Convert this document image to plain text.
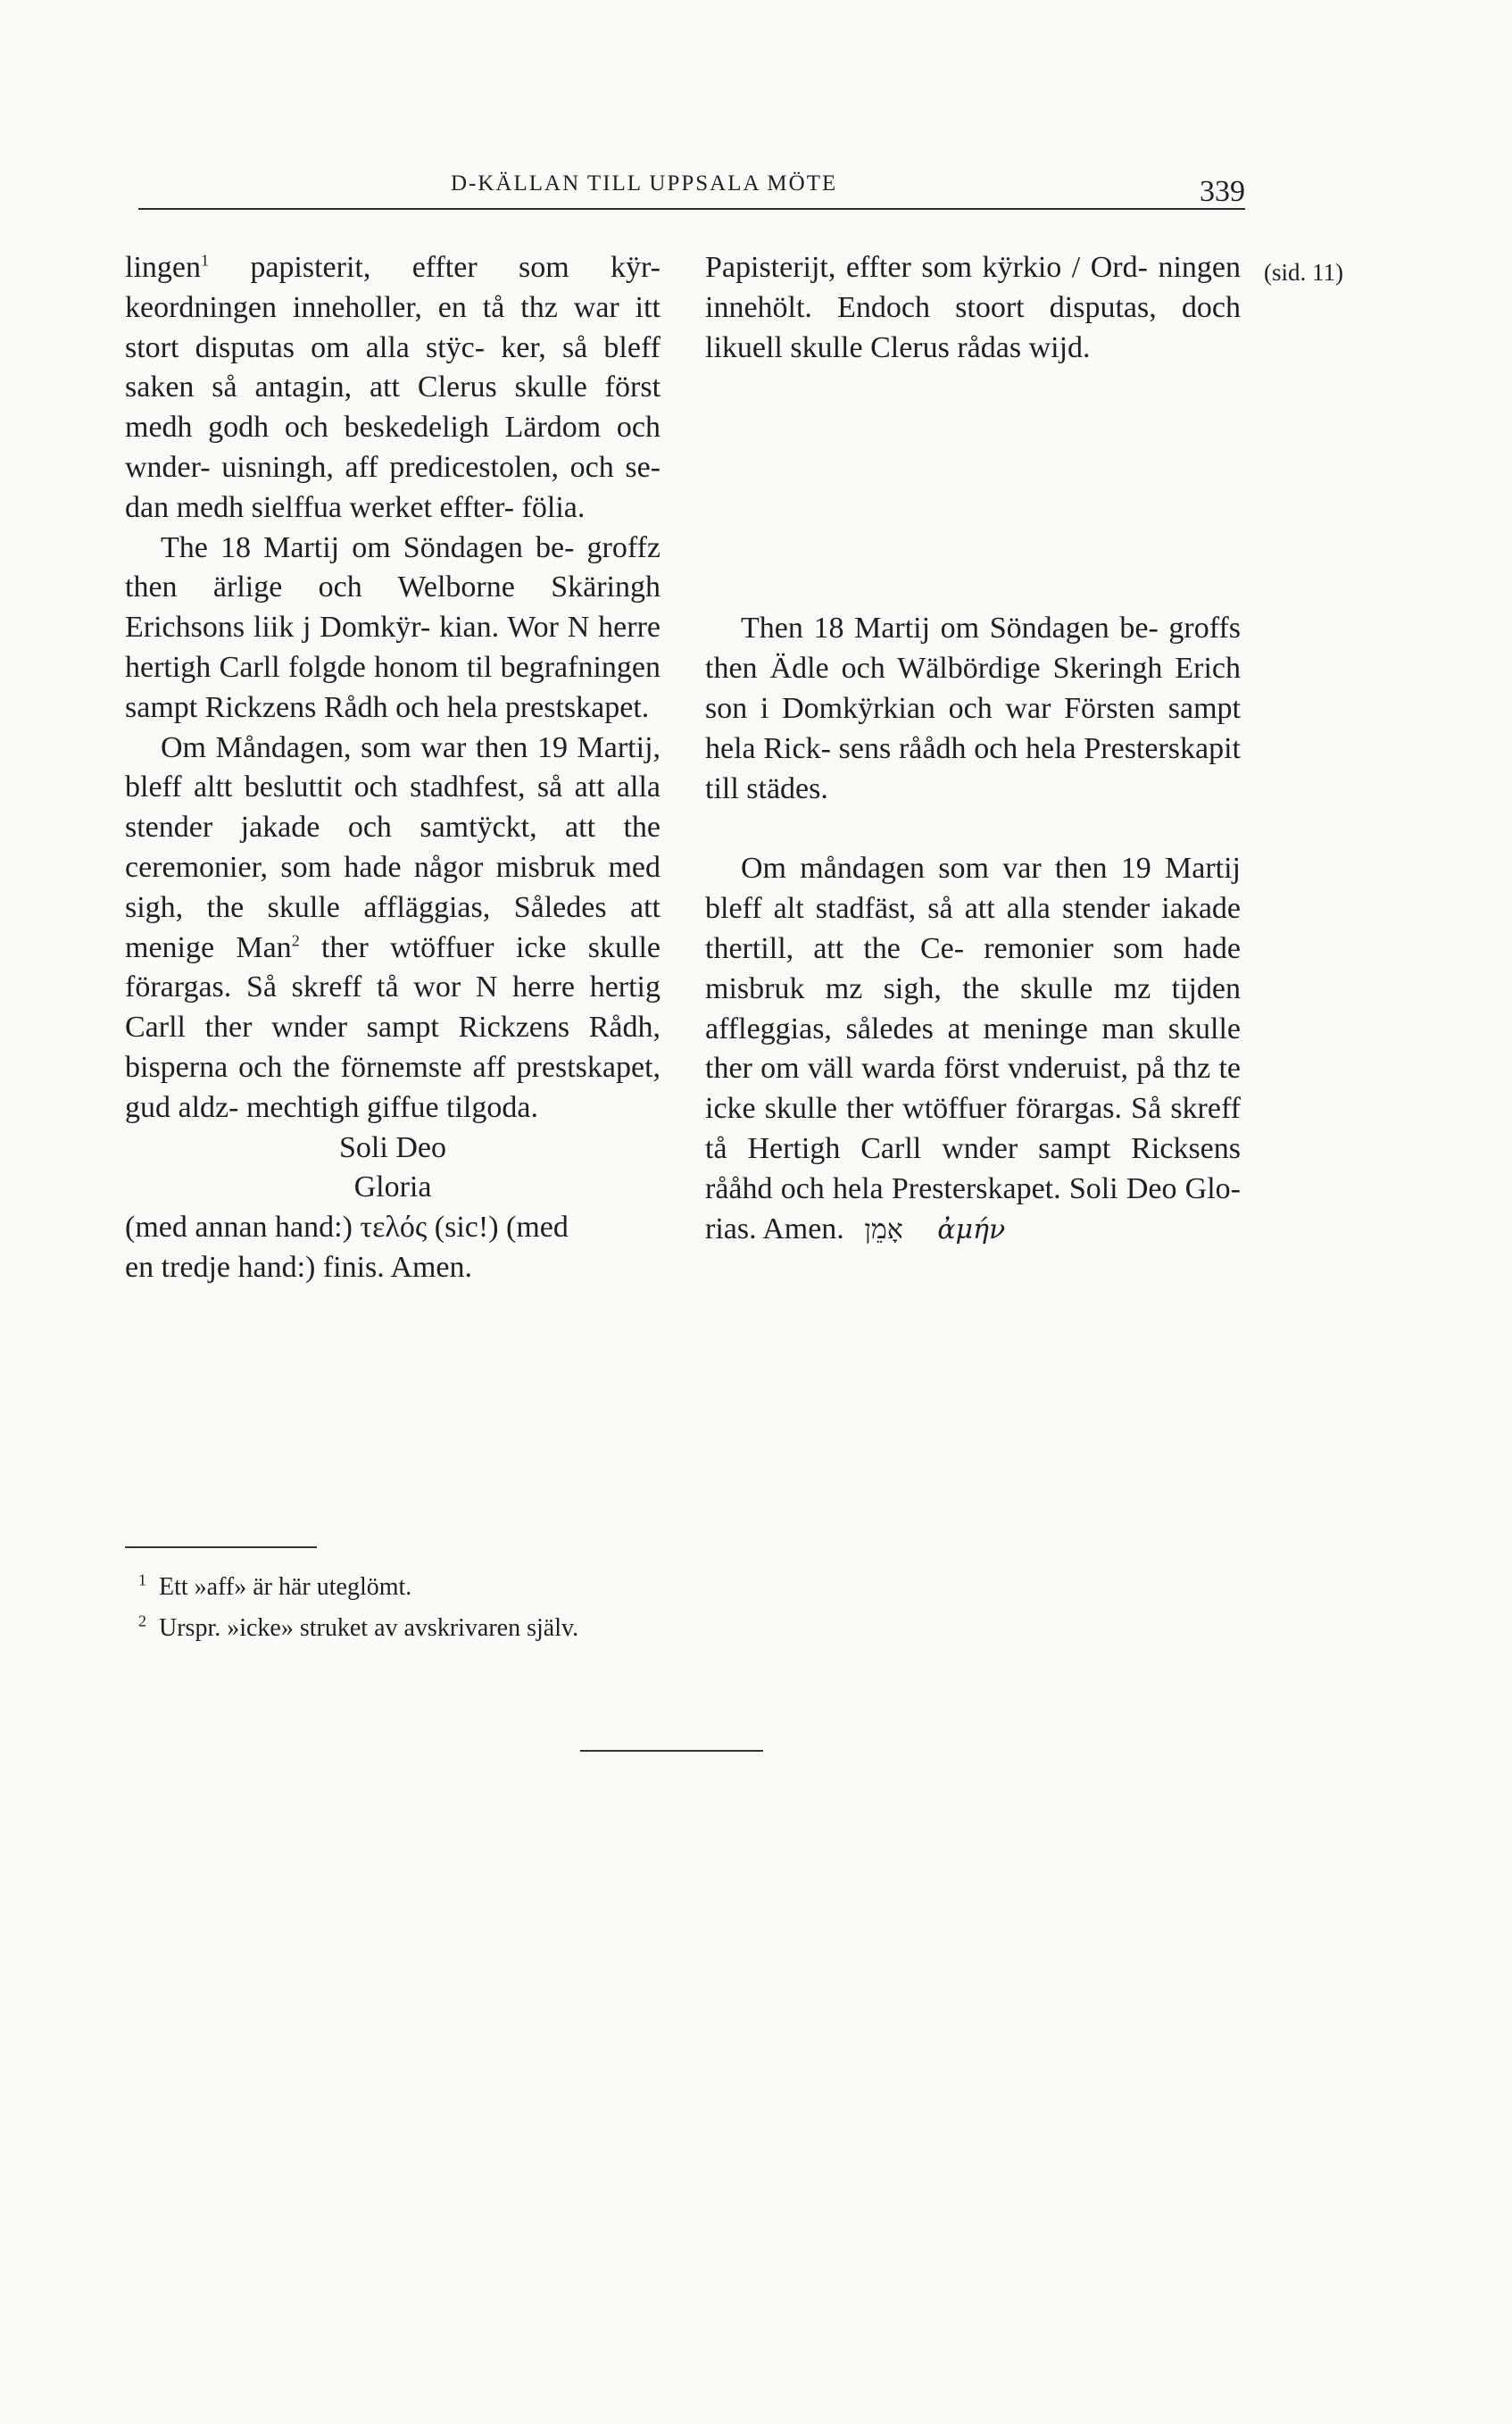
D-KÄLLAN TILL UPPSALA MÖTE	339

lingen$^1$ papisterit, effter som kÿr- keordningen inneholler, en tå thz war itt stort disputas om alla stÿc- ker, så bleff saken så antagin, att Clerus skulle först medh godh och beskedeligh Lärdom och wnder- uisningh, aff predicestolen, och se- dan medh sielffua werket effter- fölia.

The 18 Martij om Söndagen be- groffz then ärlige och Welborne Skäringh Erichsons liik j Domkÿr- kian. Wor N herre hertigh Carll folgde honom til begrafningen sampt Rickzens Rådh och hela prestskapet.

Om Måndagen, som war then 19 Martij, bleff altt besluttit och stadhfest, så att alla stender jakade och samtÿckt, att the ceremonier, som hade någor misbruk med sigh, the skulle affläggias, Således att menige Man$^2$ ther wtöffuer icke skulle förargas. Så skreff tå wor N herre hertig Carll ther wnder sampt Rickzens Rådh, bisperna och the förnemste aff prestskapet, gud aldz- mechtigh giffue tilgoda.

Soli Deo

Gloria

(med annan hand:) τελός (sic!) (med
en tredje hand:) finis. Amen.

Papisterijt, effter som kÿrkio / Ord- ningen innehölt. Endoch stoort disputas, doch likuell skulle Clerus rådas wijd.

Then 18 Martij om Söndagen be- groffs then Ädle och Wälbördige Skeringh Erich son i Domkÿrkian och war Försten sampt hela Rick- sens råådh och hela Presterskapit till städes.

Om måndagen som var then 19 Martij bleff alt stadfäst, så att alla stender iakade thertill, att the Ce- remonier som hade misbruk mz sigh, the skulle mz tijden affleggias, således at meninge man skulle ther om väll warda först vnderuist, på thz te icke skulle ther wtöffuer förargas. Så skreff tå Hertigh Carll wnder sampt Ricksens rååhd och hela Presterskapet. Soli Deo Glo- rias. Amen. אָמֵן ἀμήν

(sid. 11)

$^1$ Ett »aff» är här uteglömt.

$^2$ Urspr. »icke» struket av avskrivaren själv.
